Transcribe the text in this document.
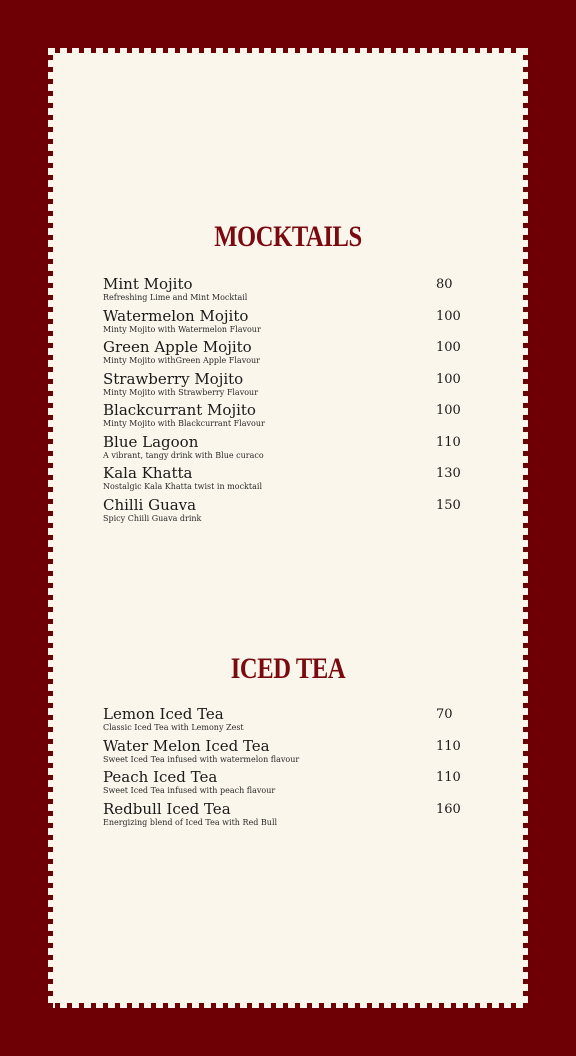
MOCKTAILS
Mint Mojito
Refreshing Lime and Mint Mocktail
80
Watermelon Mojito
Minty Mojito with Watermelon Flavour
100
Green Apple Mojito
Minty Mojito withGreen Apple Flavour
100
Strawberry Mojito
Minty Mojito with Strawberry Flavour
100
Blackcurrant Mojito
Minty Mojito with Blackcurrant Flavour
100
Blue Lagoon
A vibrant, tangy drink with Blue curaco
110
Kala Khatta
Nostalgic Kala Khatta twist in mocktail
130
Chilli Guava
Spicy Chiili Guava drink
150
ICED TEA
Lemon Iced Tea
Classic Iced Tea with Lemony Zest
70
Water Melon Iced Tea
Sweet Iced Tea infused with watermelon flavour
110
Peach Iced Tea
Sweet Iced Tea infused with peach flavour
110
Redbull Iced Tea
Energizing blend of Iced Tea with Red Bull
160
